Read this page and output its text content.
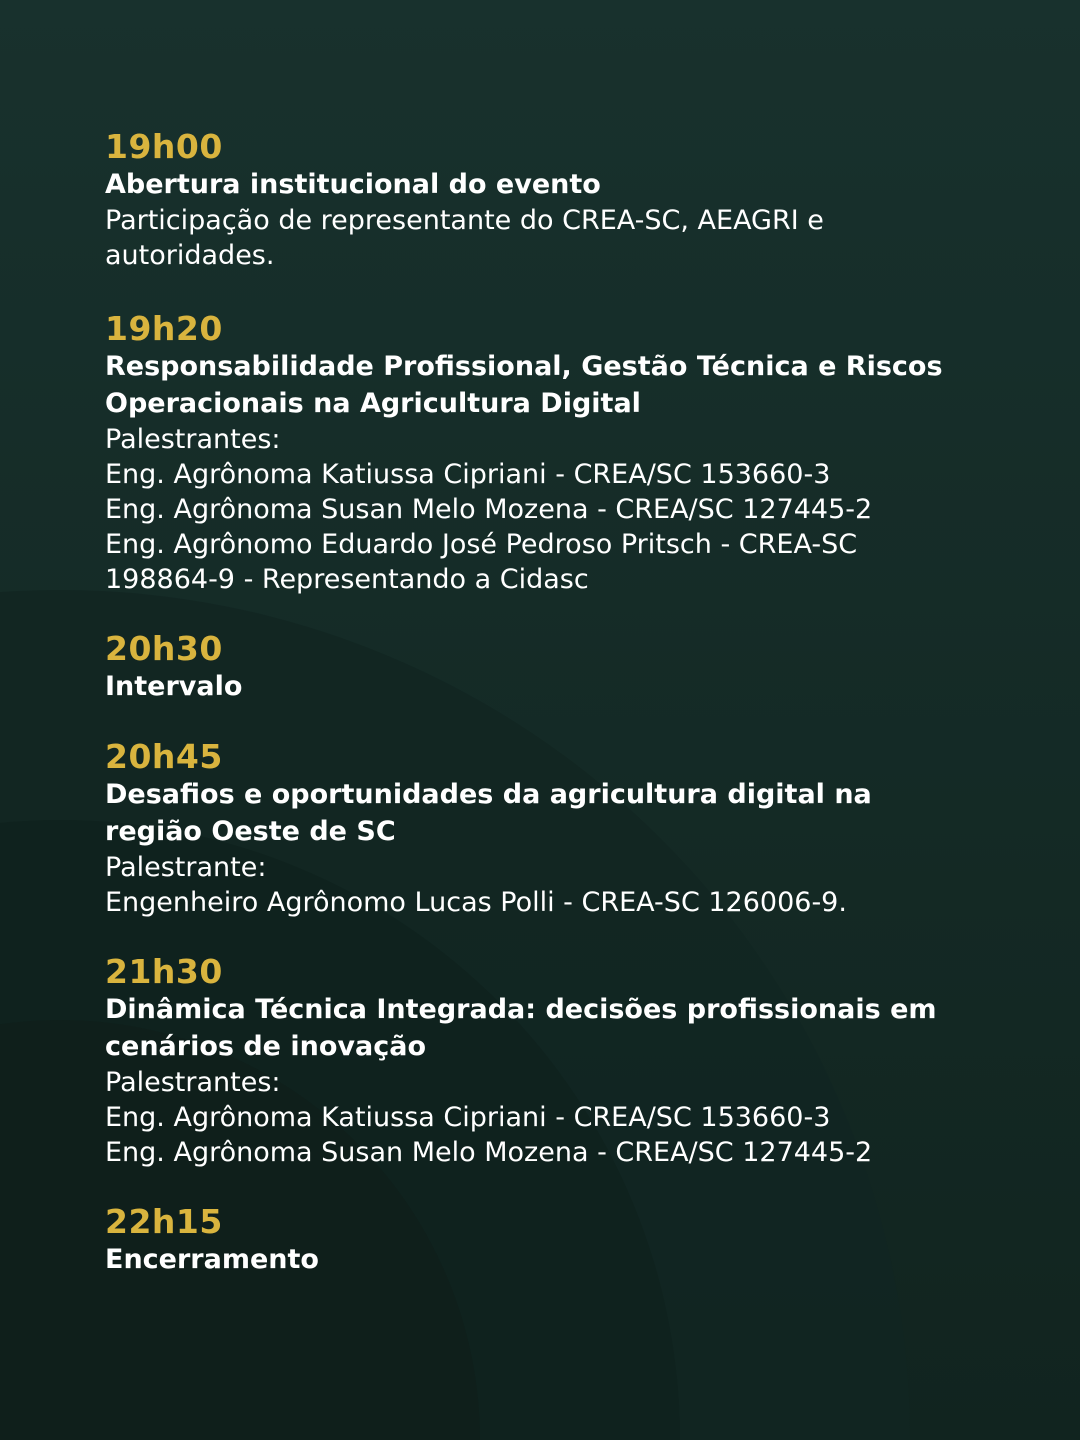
19h00
Abertura institucional do evento
Participação de representante do CREA-SC, AEAGRI e autoridades.
19h20
Responsabilidade Profissional, Gestão Técnica e Riscos Operacionais na Agricultura Digital
Palestrantes:
Eng. Agrônoma Katiussa Cipriani - CREA/SC 153660-3
Eng. Agrônoma Susan Melo Mozena - CREA/SC 127445-2
Eng. Agrônomo Eduardo José Pedroso Pritsch - CREA-SC 198864-9 - Representando a Cidasc
20h30
Intervalo
20h45
Desafios e oportunidades da agricultura digital na região Oeste de SC
Palestrante:
Engenheiro Agrônomo Lucas Polli - CREA-SC 126006-9.
21h30
Dinâmica Técnica Integrada: decisões profissionais em cenários de inovação
Palestrantes:
Eng. Agrônoma Katiussa Cipriani - CREA/SC 153660-3
Eng. Agrônoma Susan Melo Mozena - CREA/SC 127445-2
22h15
Encerramento
